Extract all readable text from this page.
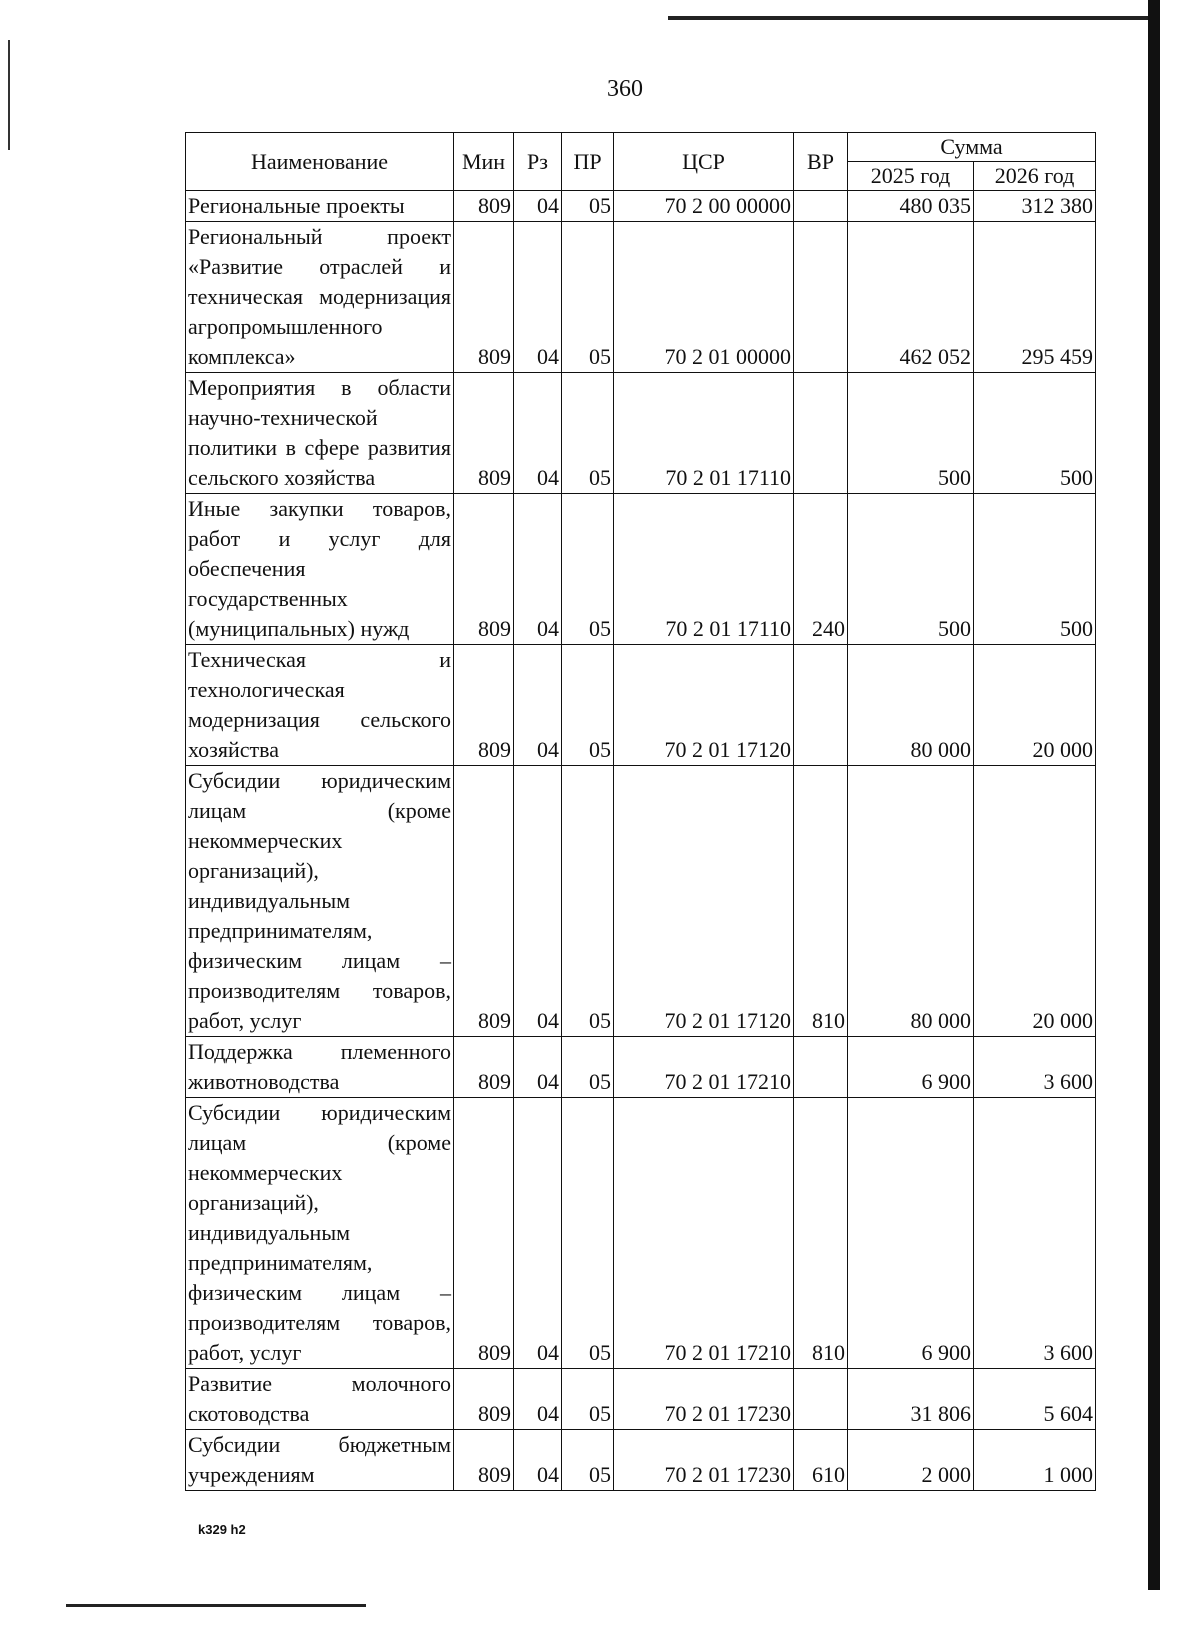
360
Наименование	Мин	Рз	ПР	ЦСР	ВР	Сумма	
						2025 год	2026 год
Региональные проекты	809	04	05	70 2 00 00000		480 035	312 380
Региональный проект «Развитие отраслей и техническая модернизация агропромышленного комплекса»	809	04	05	70 2 01 00000		462 052	295 459
Мероприятия в области научно-технической политики в сфере развития сельского хозяйства	809	04	05	70 2 01 17110		500	500
Иные закупки товаров, работ и услуг для обеспечения государственных (муниципальных) нужд	809	04	05	70 2 01 17110	240	500	500
Техническая и технологическая модернизация сельского хозяйства	809	04	05	70 2 01 17120		80 000	20 000
Субсидии юридическим лицам (кроме некоммерческих организаций), индивидуальным предпринимателям, физическим лицам – производителям товаров, работ, услуг	809	04	05	70 2 01 17120	810	80 000	20 000
Поддержка племенного животноводства	809	04	05	70 2 01 17210		6 900	3 600
Субсидии юридическим лицам (кроме некоммерческих организаций), индивидуальным предпринимателям, физическим лицам – производителям товаров, работ, услуг	809	04	05	70 2 01 17210	810	6 900	3 600
Развитие молочного скотоводства	809	04	05	70 2 01 17230		31 806	5 604
Субсидии бюджетным учреждениям	809	04	05	70 2 01 17230	610	2 000	1 000
k329 h2
